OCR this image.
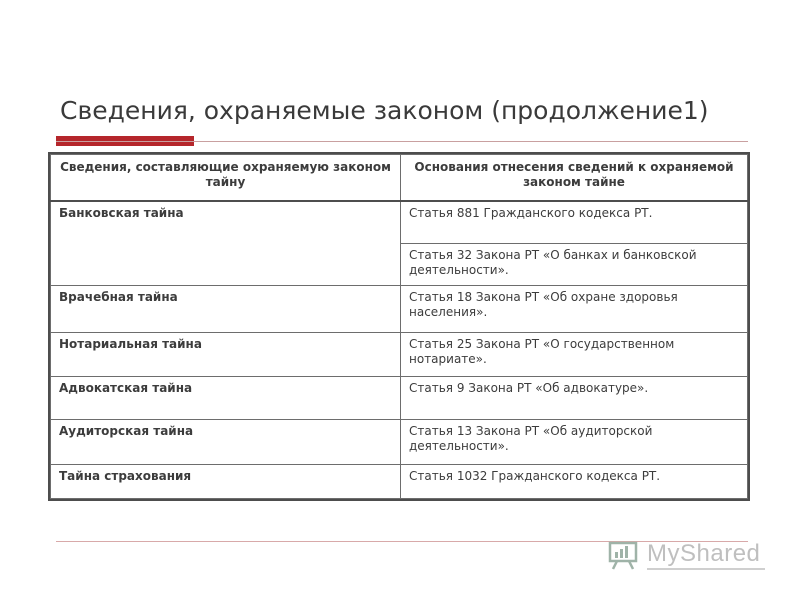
Сведения, охраняемые законом (продолжение1)
Сведения, составляющие охраняемую законом тайну	Основания отнесения сведений к охраняемой законом тайне
Банковская тайна	Статья 881 Гражданского кодекса РТ.
	Статья 32 Закона РТ «О банках и банковской деятельности».
Врачебная тайна	Статья 18 Закона РТ «Об охране здоровья населения».
Нотариальная тайна	Статья 25 Закона РТ «О государственном нотариате».
Адвокатская тайна	Статья 9 Закона РТ «Об адвокатуре».
Аудиторская тайна	Статья 13 Закона РТ «Об аудиторской деятельности».
Тайна страхования	Статья 1032 Гражданского кодекса РТ.
MyShared
